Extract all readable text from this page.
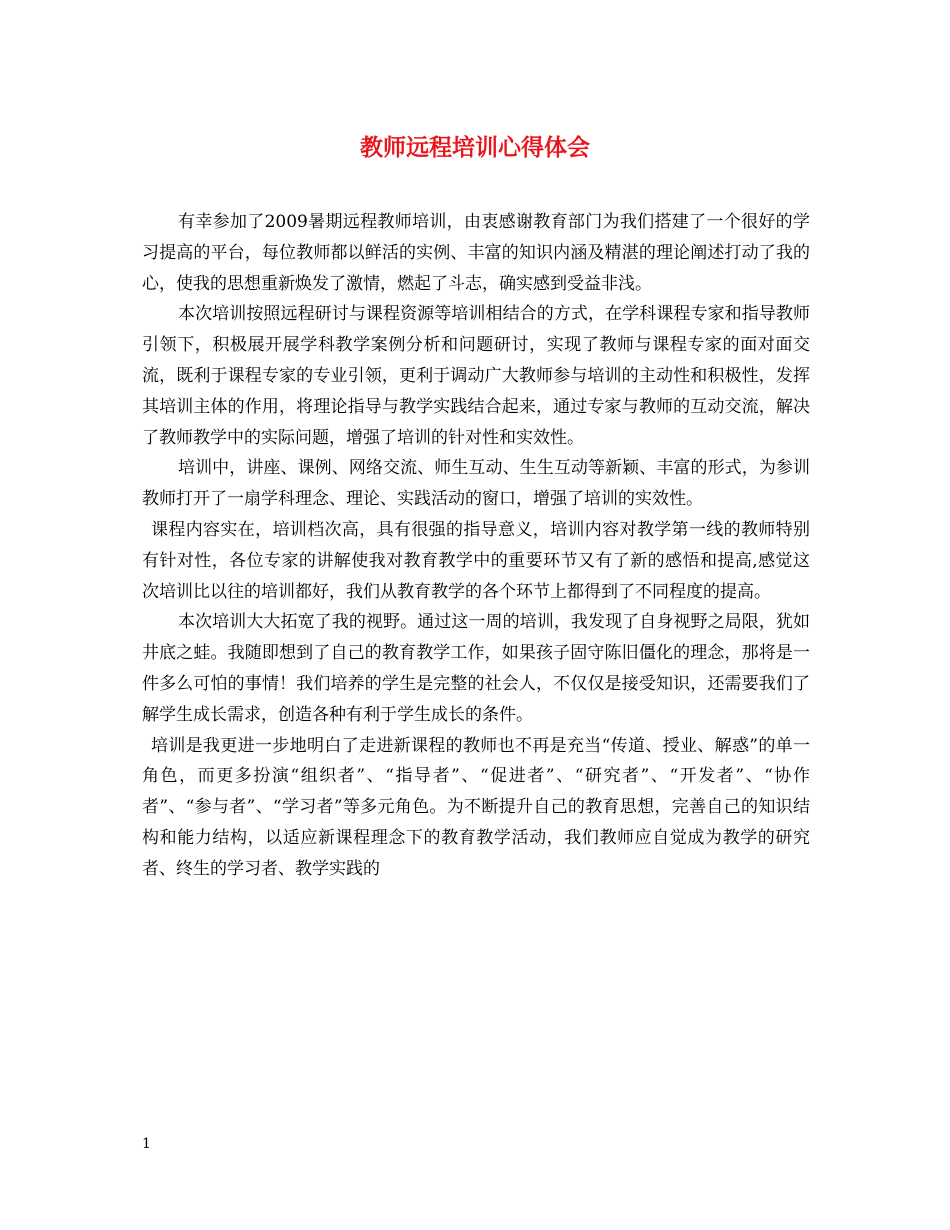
教师远程培训心得体会

有幸参加了2009暑期远程教师培训，由衷感谢教育部门为我们搭建了一个很好的学习提高的平台，每位教师都以鲜活的实例、丰富的知识内涵及精湛的理论阐述打动了我的心，使我的思想重新焕发了激情，燃起了斗志，确实感到受益非浅。

本次培训按照远程研讨与课程资源等培训相结合的方式，在学科课程专家和指导教师引领下，积极展开展学科教学案例分析和问题研讨，实现了教师与课程专家的面对面交流，既利于课程专家的专业引领，更利于调动广大教师参与培训的主动性和积极性，发挥其培训主体的作用，将理论指导与教学实践结合起来，通过专家与教师的互动交流，解决了教师教学中的实际问题，增强了培训的针对性和实效性。

培训中，讲座、课例、网络交流、师生互动、生生互动等新颖、丰富的形式，为参训教师打开了一扇学科理念、理论、实践活动的窗口，增强了培训的实效性。

课程内容实在，培训档次高，具有很强的指导意义，培训内容对教学第一线的教师特别有针对性，各位专家的讲解使我对教育教学中的重要环节又有了新的感悟和提高,感觉这次培训比以往的培训都好，我们从教育教学的各个环节上都得到了不同程度的提高。

本次培训大大拓宽了我的视野。通过这一周的培训，我发现了自身视野之局限，犹如井底之蛙。我随即想到了自己的教育教学工作，如果孩子固守陈旧僵化的理念，那将是一件多么可怕的事情！我们培养的学生是完整的社会人，不仅仅是接受知识，还需要我们了解学生成长需求，创造各种有利于学生成长的条件。

培训是我更进一步地明白了走进新课程的教师也不再是充当“传道、授业、解惑”的单一角色，而更多扮演“组织者”、“指导者”、“促进者”、“研究者”、“开发者”、“协作者”、“参与者”、“学习者”等多元角色。为不断提升自己的教育思想，完善自己的知识结构和能力结构，以适应新课程理念下的教育教学活动，我们教师应自觉成为教学的研究者、终生的学习者、教学实践的

1
